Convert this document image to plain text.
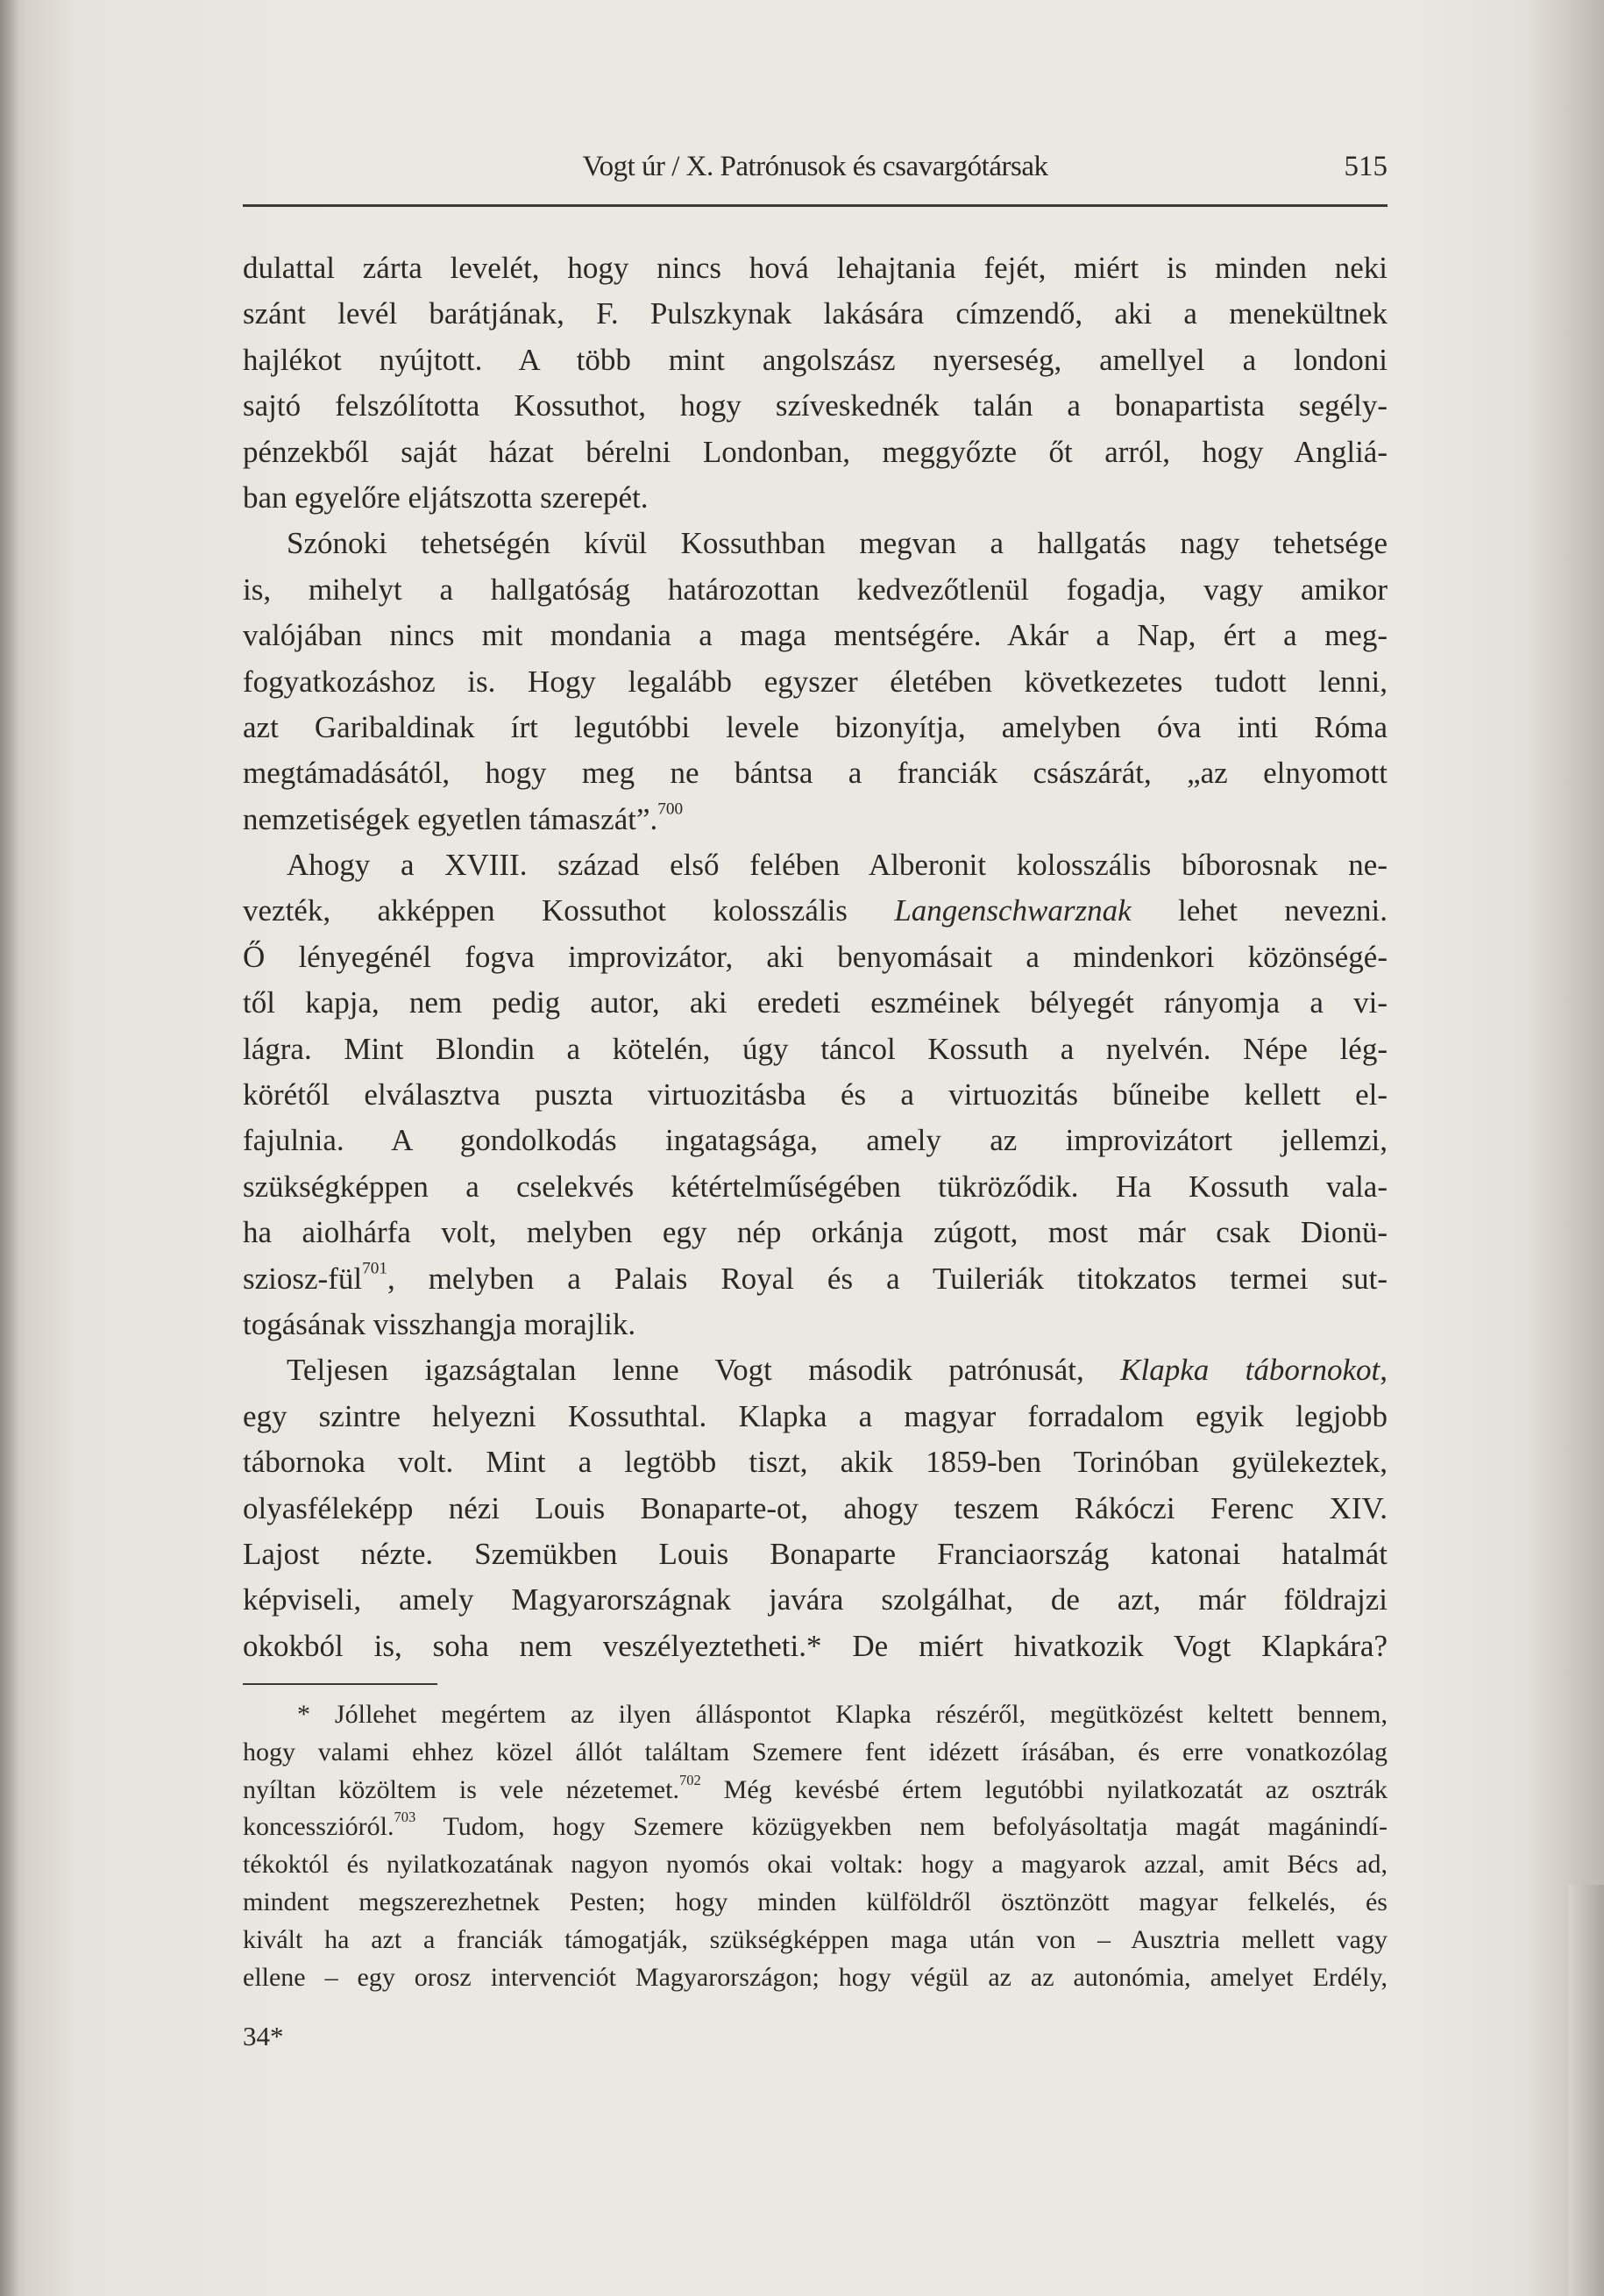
Vogt úr / X. Patrónusok és csavargótársak	515
dulattal zárta levelét, hogy nincs hová lehajtania fejét, miért is minden neki
szánt levél barátjának, F. Pulszkynak lakására címzendő, aki a menekültnek
hajlékot nyújtott. A több mint angolszász nyerseség, amellyel a londoni
sajtó felszólította Kossuthot, hogy szíveskednék talán a bonapartista segély-
pénzekből saját házat bérelni Londonban, meggyőzte őt arról, hogy Angliá-
ban egyelőre eljátszotta szerepét.
Szónoki tehetségén kívül Kossuthban megvan a hallgatás nagy tehetsége
is, mihelyt a hallgatóság határozottan kedvezőtlenül fogadja, vagy amikor
valójában nincs mit mondania a maga mentségére. Akár a Nap, ért a meg-
fogyatkozáshoz is. Hogy legalább egyszer életében következetes tudott lenni,
azt Garibaldinak írt legutóbbi levele bizonyítja, amelyben óva inti Róma
megtámadásától, hogy meg ne bántsa a franciák császárát, „az elnyomott
nemzetiségek egyetlen támaszát”.$^{700}$
Ahogy a XVIII. század első felében Alberonit kolosszális bíborosnak ne-
vezték, akképpen Kossuthot kolosszális Langenschwarznak lehet nevezni.
Ő lényegénél fogva improvizátor, aki benyomásait a mindenkori közönségé-
től kapja, nem pedig autor, aki eredeti eszméinek bélyegét rányomja a vi-
lágra. Mint Blondin a kötelén, úgy táncol Kossuth a nyelvén. Népe lég-
körétől elválasztva puszta virtuozitásba és a virtuozitás bűneibe kellett el-
fajulnia. A gondolkodás ingatagsága, amely az improvizátort jellemzi,
szükségképpen a cselekvés kétértelműségében tükröződik. Ha Kossuth vala-
ha aiolhárfa volt, melyben egy nép orkánja zúgott, most már csak Dionü-
sziosz-fül$^{701}$, melyben a Palais Royal és a Tuileriák titokzatos termei sut-
togásának visszhangja morajlik.
Teljesen igazságtalan lenne Vogt második patrónusát, Klapka tábornokot,
egy szintre helyezni Kossuthtal. Klapka a magyar forradalom egyik legjobb
tábornoka volt. Mint a legtöbb tiszt, akik 1859-ben Torinóban gyülekeztek,
olyasféleképp nézi Louis Bonaparte-ot, ahogy teszem Rákóczi Ferenc XIV.
Lajost nézte. Szemükben Louis Bonaparte Franciaország katonai hatalmát
képviseli, amely Magyarországnak javára szolgálhat, de azt, már földrajzi
okokból is, soha nem veszélyeztetheti.* De miért hivatkozik Vogt Klapkára?
* Jóllehet megértem az ilyen álláspontot Klapka részéről, megütközést keltett bennem,
hogy valami ehhez közel állót találtam Szemere fent idézett írásában, és erre vonatkozólag
nyíltan közöltem is vele nézetemet.$^{702}$ Még kevésbé értem legutóbbi nyilatkozatát az osztrák
koncesszióról.$^{703}$ Tudom, hogy Szemere közügyekben nem befolyásoltatja magát magánindí-
tékoktól és nyilatkozatának nagyon nyomós okai voltak: hogy a magyarok azzal, amit Bécs ad,
mindent megszerezhetnek Pesten; hogy minden külföldről ösztönzött magyar felkelés, és
kivált ha azt a franciák támogatják, szükségképpen maga után von – Ausztria mellett vagy
ellene – egy orosz intervenciót Magyarországon; hogy végül az az autonómia, amelyet Erdély,
34*
